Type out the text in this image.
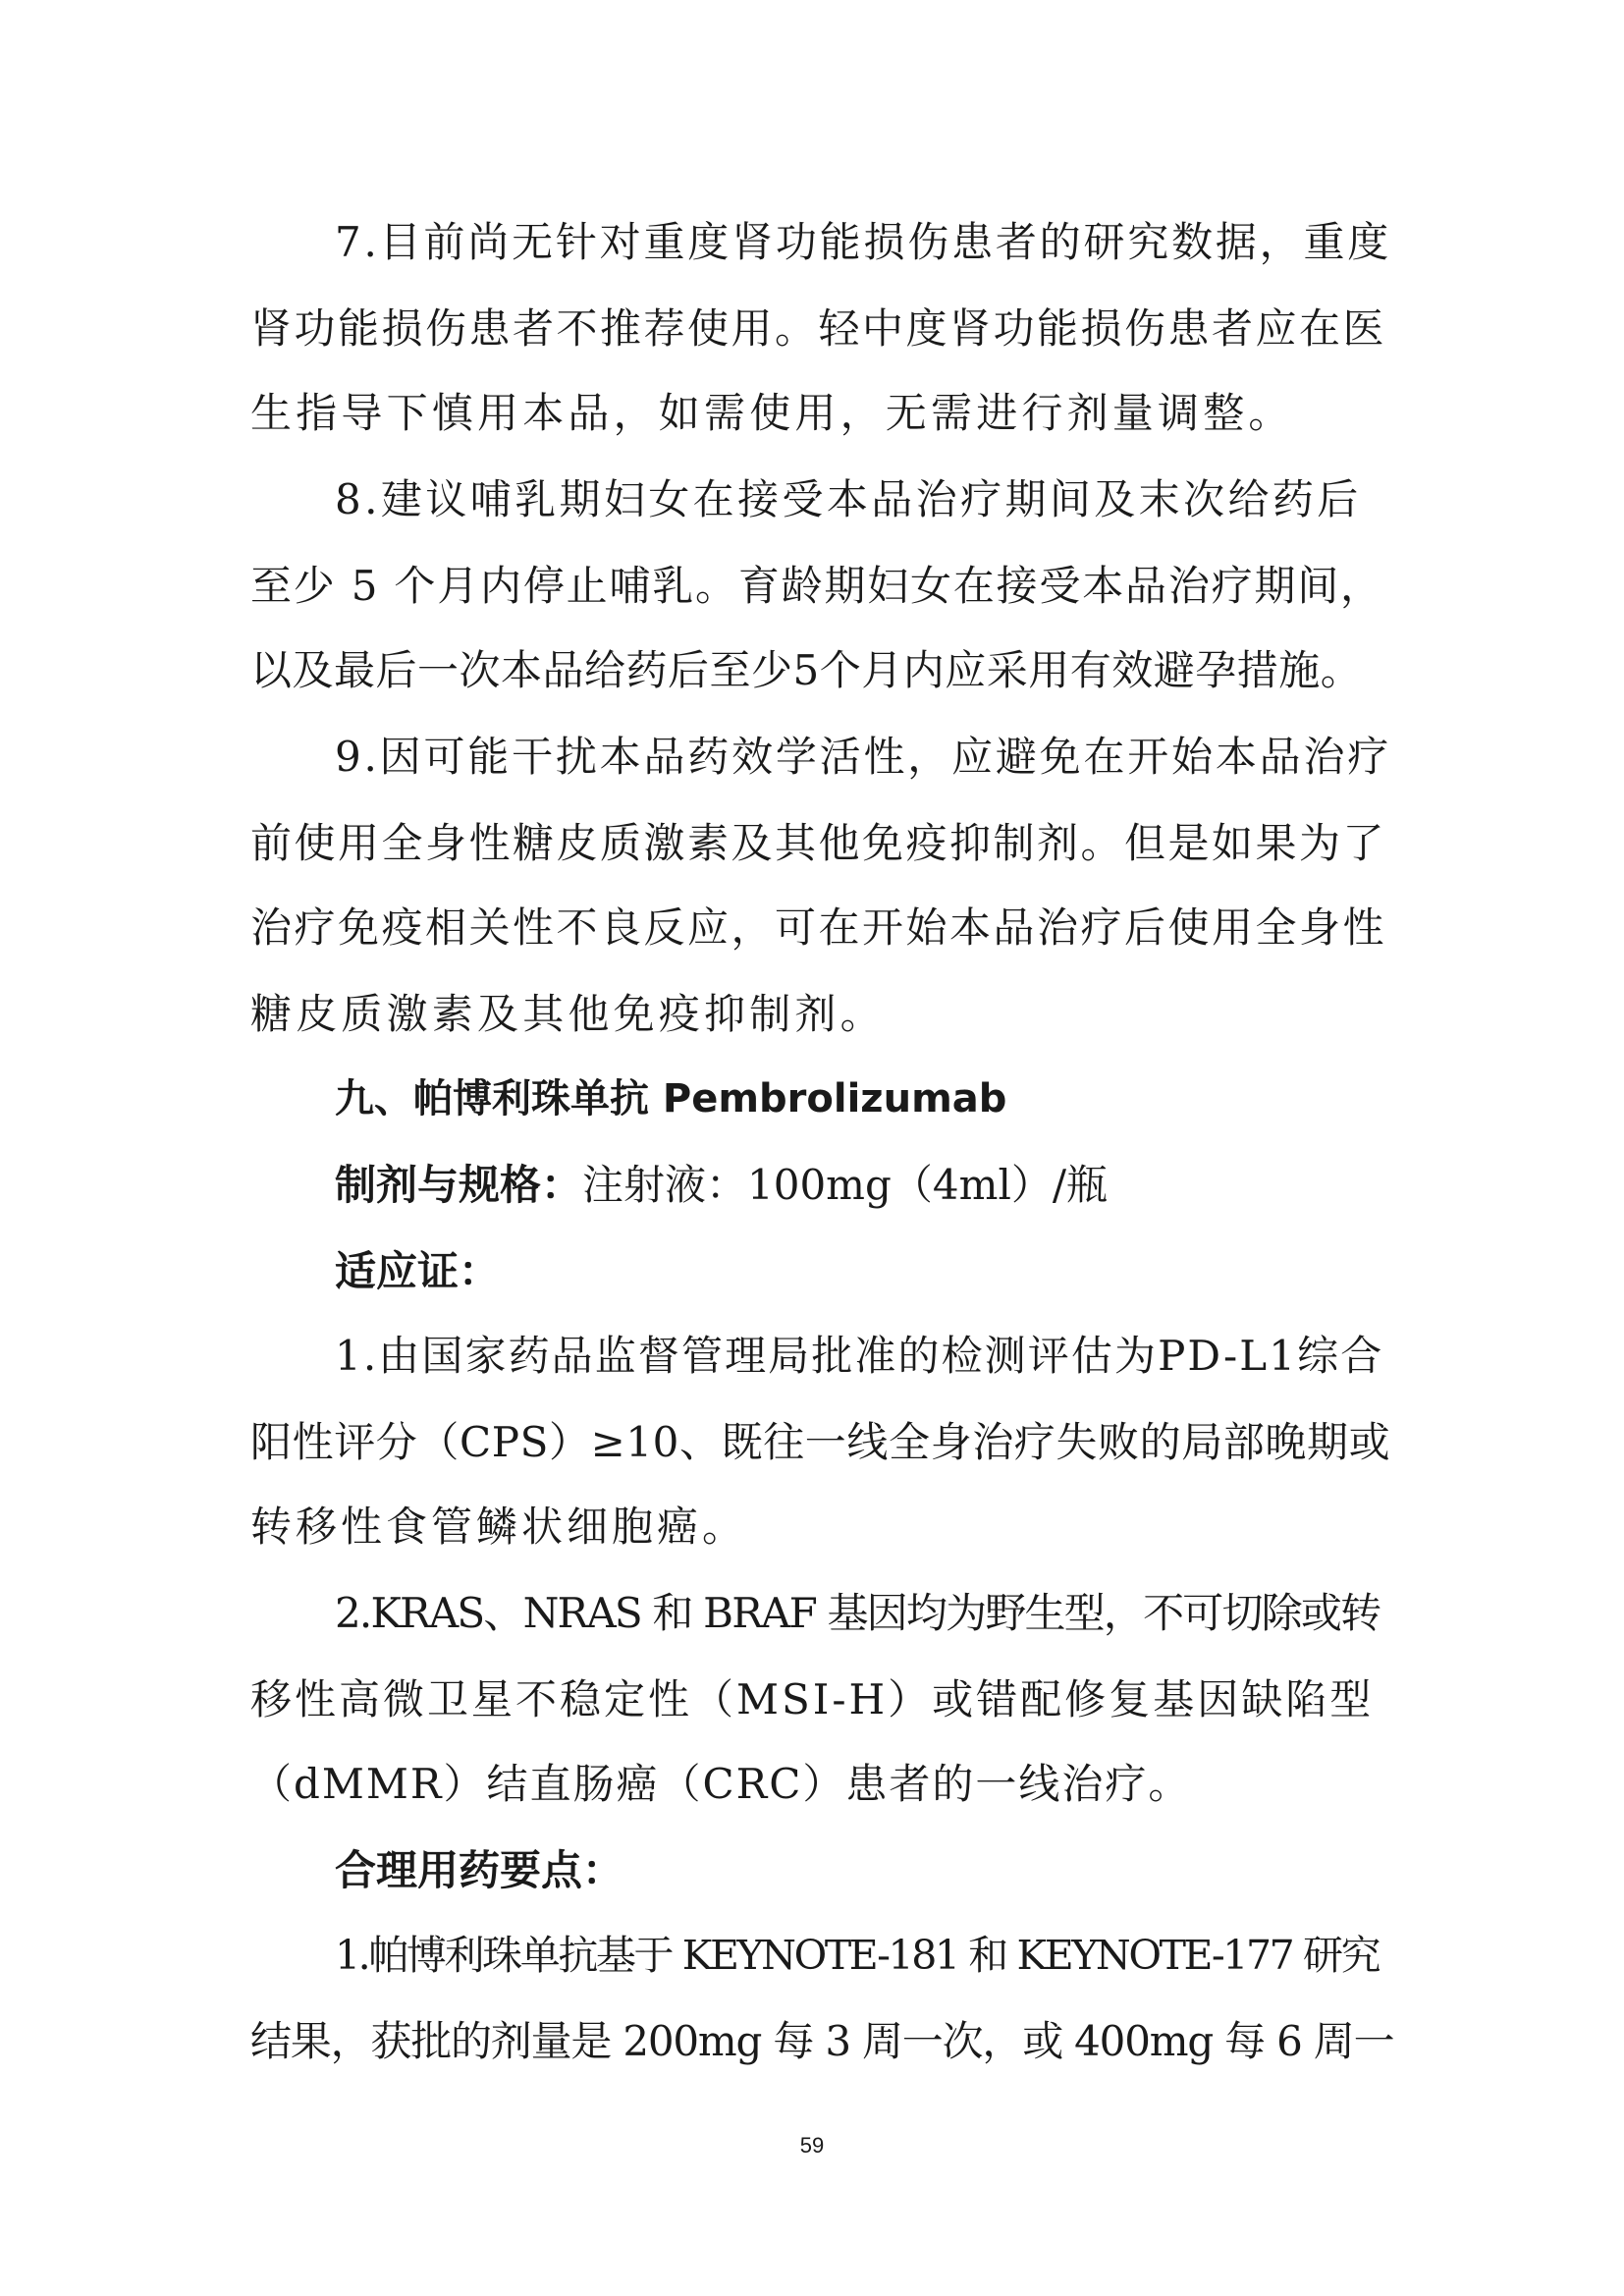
7.目前尚无针对重度肾功能损伤患者的研究数据，重度

肾功能损伤患者不推荐使用。轻中度肾功能损伤患者应在医

生指导下慎用本品，如需使用，无需进行剂量调整。

8.建议哺乳期妇女在接受本品治疗期间及末次给药后

至少 5 个月内停止哺乳。育龄期妇女在接受本品治疗期间，

以及最后一次本品给药后至少5个月内应采用有效避孕措施。

9.因可能干扰本品药效学活性，应避免在开始本品治疗

前使用全身性糖皮质激素及其他免疫抑制剂。但是如果为了

治疗免疫相关性不良反应，可在开始本品治疗后使用全身性

糖皮质激素及其他免疫抑制剂。

九、帕博利珠单抗 Pembrolizumab

制剂与规格：注射液：100mg（4ml）/瓶

适应证：

1.由国家药品监督管理局批准的检测评估为PD-L1综合

阳性评分（CPS）≥10、既往一线全身治疗失败的局部晚期或

转移性食管鳞状细胞癌。

2.KRAS、NRAS 和 BRAF 基因均为野生型，不可切除或转

移性高微卫星不稳定性（MSI-H）或错配修复基因缺陷型

（dMMR）结直肠癌（CRC）患者的一线治疗。

合理用药要点：

1.帕博利珠单抗基于 KEYNOTE-181 和 KEYNOTE-177 研究

结果，获批的剂量是 200mg 每 3 周一次，或 400mg 每 6 周一

59
